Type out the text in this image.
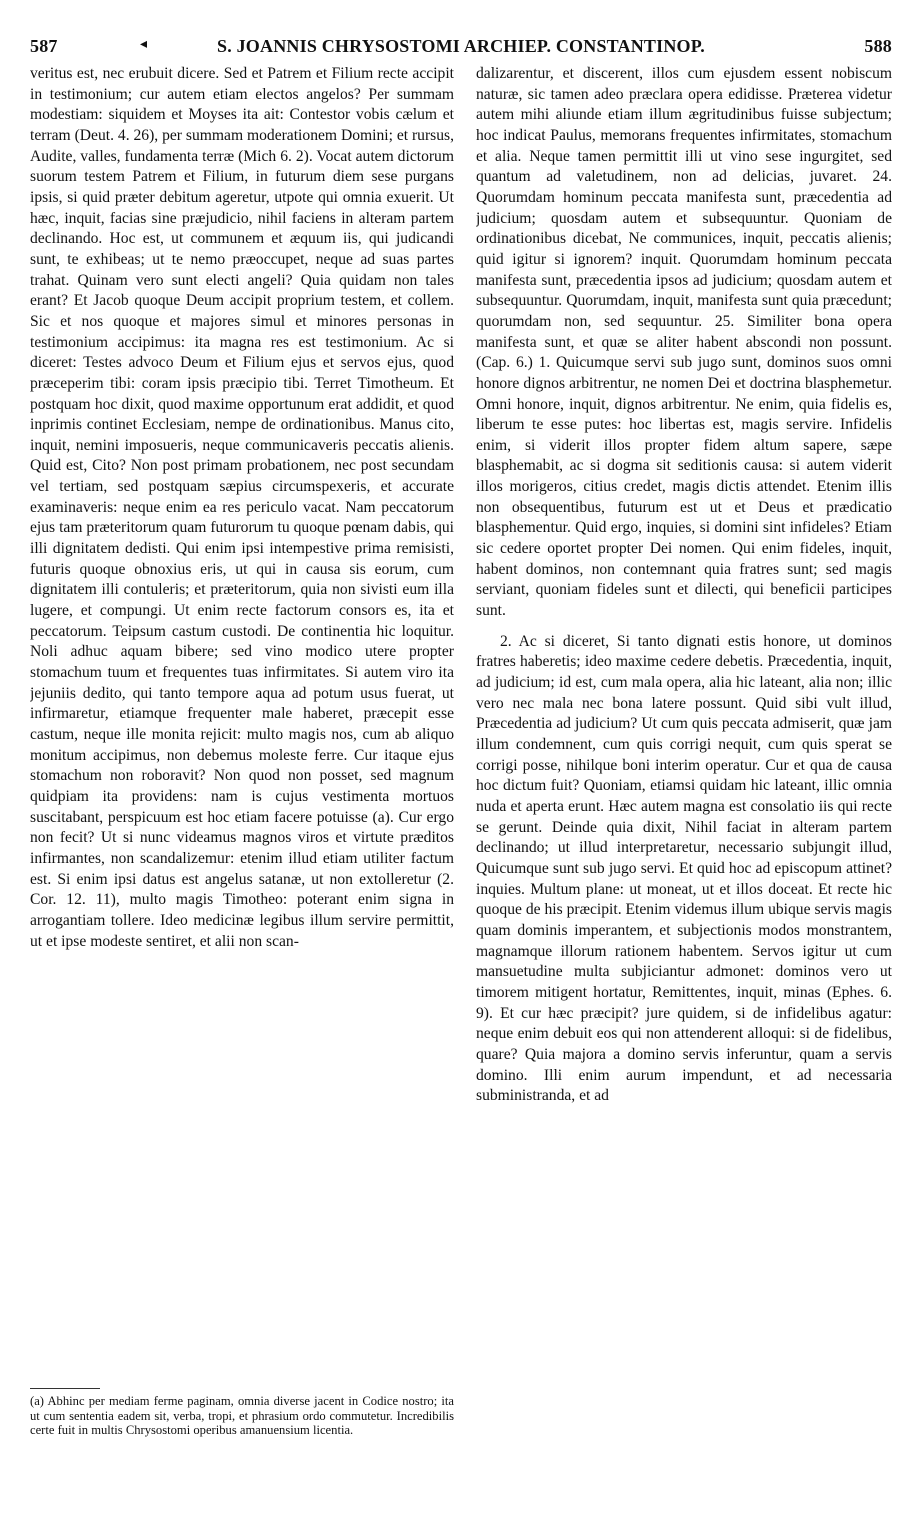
587	◂	S. JOANNIS CHRYSOSTOMI ARCHIEP. CONSTANTINOP.	588

veritus est, nec erubuit dicere. Sed et Patrem et Filium recte accipit in testimonium; cur autem etiam electos angelos? Per summam modestiam: siquidem et Moyses ita ait: Contestor vobis cælum et terram (Deut. 4. 26), per summam moderationem Domini; et rursus, Audite, valles, fundamenta terræ (Mich 6. 2). Vocat autem dictorum suorum testem Patrem et Filium, in futurum diem sese purgans ipsis, si quid præter debitum ageretur, utpote qui omnia exuerit. Ut hæc, inquit, facias sine præjudicio, nihil faciens in alteram partem declinando. Hoc est, ut communem et æquum iis, qui judicandi sunt, te exhibeas; ut te nemo præoccupet, neque ad suas partes trahat. Quinam vero sunt electi angeli? Quia quidam non tales erant? Et Jacob quoque Deum accipit proprium testem, et collem. Sic et nos quoque et majores simul et minores personas in testimonium accipimus: ita magna res est testimonium. Ac si diceret: Testes advoco Deum et Filium ejus et servos ejus, quod præceperim tibi: coram ipsis præcipio tibi. Terret Timotheum. Et postquam hoc dixit, quod maxime opportunum erat addidit, et quod inprimis continet Ecclesiam, nempe de ordinationibus. Manus cito, inquit, nemini imposueris, neque communicaveris peccatis alienis. Quid est, Cito? Non post primam probationem, nec post secundam vel tertiam, sed postquam sæpius circumspexeris, et accurate examinaveris: neque enim ea res periculo vacat. Nam peccatorum ejus tam præteritorum quam futurorum tu quoque pœnam dabis, qui illi dignitatem dedisti. Qui enim ipsi intempestive prima remisisti, futuris quoque obnoxius eris, ut qui in causa sis eorum, cum dignitatem illi contuleris; et præteritorum, quia non sivisti eum illa lugere, et compungi. Ut enim recte factorum consors es, ita et peccatorum. Teipsum castum custodi. De continentia hic loquitur. Noli adhuc aquam bibere; sed vino modico utere propter stomachum tuum et frequentes tuas infirmitates. Si autem viro ita jejuniis dedito, qui tanto tempore aqua ad potum usus fuerat, ut infirmaretur, etiamque frequenter male haberet, præcepit esse castum, neque ille monita rejicit: multo magis nos, cum ab aliquo monitum accipimus, non debemus moleste ferre. Cur itaque ejus stomachum non roboravit? Non quod non posset, sed magnum quidpiam ita providens: nam is cujus vestimenta mortuos suscitabant, perspicuum est hoc etiam facere potuisse (a). Cur ergo non fecit? Ut si nunc videamus magnos viros et virtute præditos infirmantes, non scandalizemur: etenim illud etiam utiliter factum est. Si enim ipsi datus est angelus satanæ, ut non extolleretur (2. Cor. 12. 11), multo magis Timotheo: poterant enim signa in arrogantiam tollere. Ideo medicinæ legibus illum servire permittit, ut et ipse modeste sentiret, et alii non scan-

dalizarentur, et discerent, illos cum ejusdem essent nobiscum naturæ, sic tamen adeo præclara opera edidisse. Præterea videtur autem mihi aliunde etiam illum ægritudinibus fuisse subjectum; hoc indicat Paulus, memorans frequentes infirmitates, stomachum et alia. Neque tamen permittit illi ut vino sese ingurgitet, sed quantum ad valetudinem, non ad delicias, juvaret. 24. Quorumdam hominum peccata manifesta sunt, præcedentia ad judicium; quosdam autem et subsequuntur. Quoniam de ordinationibus dicebat, Ne communices, inquit, peccatis alienis; quid igitur si ignorem? inquit. Quorumdam hominum peccata manifesta sunt, præcedentia ipsos ad judicium; quosdam autem et subsequuntur. Quorumdam, inquit, manifesta sunt quia præcedunt; quorumdam non, sed sequuntur. 25. Similiter bona opera manifesta sunt, et quæ se aliter habent abscondi non possunt. (Cap. 6.) 1. Quicumque servi sub jugo sunt, dominos suos omni honore dignos arbitrentur, ne nomen Dei et doctrina blasphemetur. Omni honore, inquit, dignos arbitrentur. Ne enim, quia fidelis es, liberum te esse putes: hoc libertas est, magis servire. Infidelis enim, si viderit illos propter fidem altum sapere, sæpe blasphemabit, ac si dogma sit seditionis causa: si autem viderit illos morigeros, citius credet, magis dictis attendet. Etenim illis non obsequentibus, futurum est ut et Deus et prædicatio blasphementur. Quid ergo, inquies, si domini sint infideles? Etiam sic cedere oportet propter Dei nomen. Qui enim fideles, inquit, habent dominos, non contemnant quia fratres sunt; sed magis serviant, quoniam fideles sunt et dilecti, qui beneficii participes sunt.

2. Ac si diceret, Si tanto dignati estis honore, ut dominos fratres haberetis; ideo maxime cedere debetis. Præcedentia, inquit, ad judicium; id est, cum mala opera, alia hic lateant, alia non; illic vero nec mala nec bona latere possunt. Quid sibi vult illud, Præcedentia ad judicium? Ut cum quis peccata admiserit, quæ jam illum condemnent, cum quis corrigi nequit, cum quis sperat se corrigi posse, nihilque boni interim operatur. Cur et qua de causa hoc dictum fuit? Quoniam, etiamsi quidam hic lateant, illic omnia nuda et aperta erunt. Hæc autem magna est consolatio iis qui recte se gerunt. Deinde quia dixit, Nihil faciat in alteram partem declinando; ut illud interpretaretur, necessario subjungit illud, Quicumque sunt sub jugo servi. Et quid hoc ad episcopum attinet? inquies. Multum plane: ut moneat, ut et illos doceat. Et recte hic quoque de his præcipit. Etenim videmus illum ubique servis magis quam dominis imperantem, et subjectionis modos monstrantem, magnamque illorum rationem habentem. Servos igitur ut cum mansuetudine multa subjiciantur admonet: dominos vero ut timorem mitigent hortatur, Remittentes, inquit, minas (Ephes. 6. 9). Et cur hæc præcipit? jure quidem, si de infidelibus agatur: neque enim debuit eos qui non attenderent alloqui: si de fidelibus, quare? Quia majora a domino servis inferuntur, quam a servis domino. Illi enim aurum impendunt, et ad necessaria subministranda, et ad

(a) Abhinc per mediam ferme paginam, omnia diverse jacent in Codice nostro; ita ut cum sententia eadem sit, verba, tropi, et phrasium ordo commutetur. Incredibilis certe fuit in multis Chrysostomi operibus amanuensium licentia.
